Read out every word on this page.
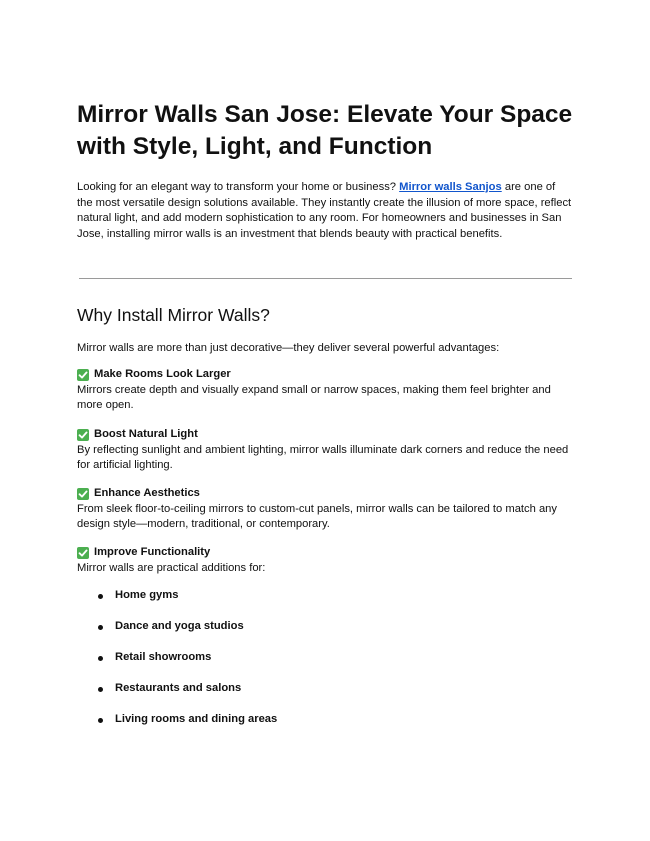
Mirror Walls San Jose: Elevate Your Space with Style, Light, and Function

Looking for an elegant way to transform your home or business? Mirror walls Sanjos are one of the most versatile design solutions available. They instantly create the illusion of more space, reflect natural light, and add modern sophistication to any room. For homeowners and businesses in San Jose, installing mirror walls is an investment that blends beauty with practical benefits.

Why Install Mirror Walls?

Mirror walls are more than just decorative—they deliver several powerful advantages:

Make Rooms Look Larger

Mirrors create depth and visually expand small or narrow spaces, making them feel brighter and more open.

Boost Natural Light

By reflecting sunlight and ambient lighting, mirror walls illuminate dark corners and reduce the need for artificial lighting.

Enhance Aesthetics

From sleek floor-to-ceiling mirrors to custom-cut panels, mirror walls can be tailored to match any design style—modern, traditional, or contemporary.

Improve Functionality

Mirror walls are practical additions for:

Home gyms
Dance and yoga studios
Retail showrooms
Restaurants and salons
Living rooms and dining areas
